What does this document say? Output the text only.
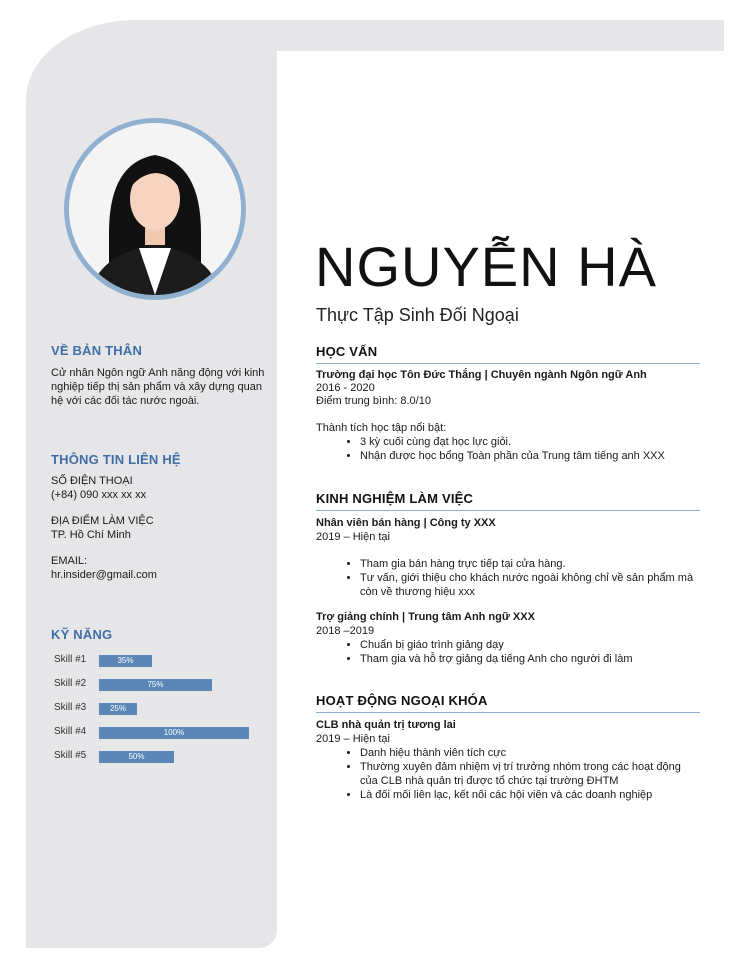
VỀ BẢN THÂN
Cử nhân Ngôn ngữ Anh năng động với kinh nghiệp tiếp thị sản phẩm và xây dựng quan hệ với các đối tác nước ngoài.
THÔNG TIN LIÊN HỆ
SỐ ĐIỆN THOẠI
(+84) 090 xxx xx xx
ĐỊA ĐIỂM LÀM VIỆC
TP. Hồ Chí Minh
EMAIL:
hr.insider@gmail.com
KỸ NĂNG
Skill #1	35%
Skill #2	75%
Skill #3	25%
Skill #4	100%
Skill #5	50%
NGUYỄN HÀ
Thực Tập Sinh Đối Ngoại
HỌC VẤN
Trường đại học Tôn Đức Thắng | Chuyên ngành Ngôn ngữ Anh
2016 - 2020
Điểm trung bình: 8.0/10
Thành tích học tập nổi bật:
• 3 kỳ cuối cùng đạt học lực giỏi.
• Nhận được học bổng Toàn phần của Trung tâm tiếng anh XXX
KINH NGHIỆM LÀM VIỆC
Nhân viên bán hàng | Công ty XXX
2019 – Hiện tại
• Tham gia bán hàng trực tiếp tại cửa hàng.
• Tư vấn, giới thiệu cho khách nước ngoài không chỉ về sản phẩm mà còn về thương hiệu xxx
Trợ giảng chính | Trung tâm Anh ngữ XXX
2018 –2019
• Chuẩn bị giáo trình giảng dạy
• Tham gia và hỗ trợ giảng dạ tiếng Anh cho người đi làm
HOẠT ĐỘNG NGOẠI KHÓA
CLB nhà quản trị tương lai
2019 – Hiện tại
• Danh hiệu thành viên tích cực
• Thường xuyên đảm nhiệm vị trí trưởng nhóm trong các hoạt động của CLB nhà quản trị được tổ chức tại trường ĐHTM
• Là đối mối liên lạc, kết nối các hội viên và các doanh nghiệp
